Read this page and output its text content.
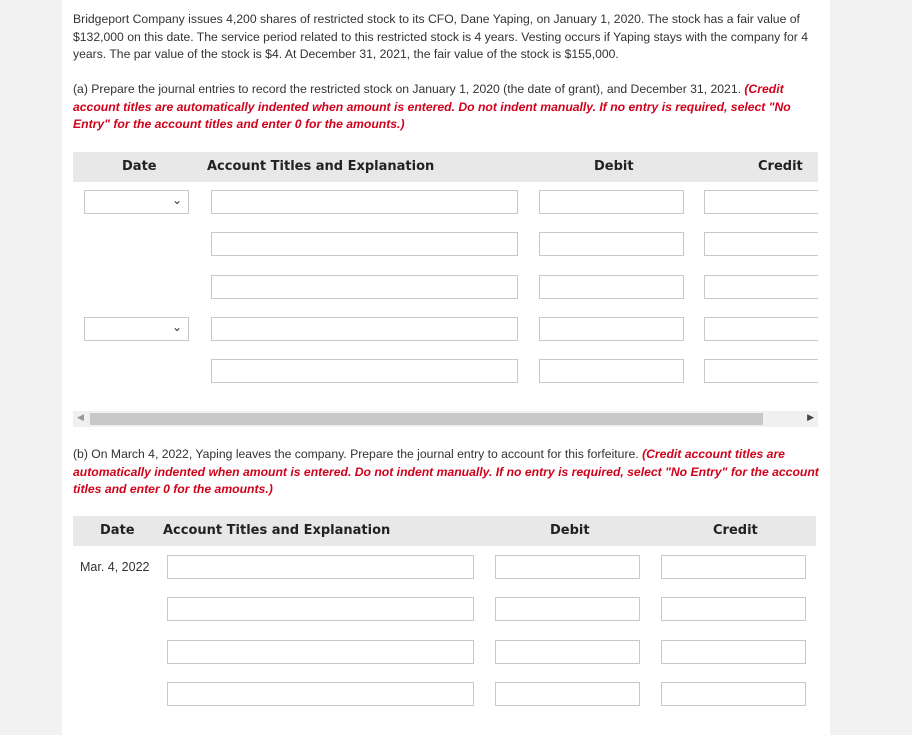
Bridgeport Company issues 4,200 shares of restricted stock to its CFO, Dane Yaping, on January 1, 2020. The stock has a fair value of $132,000 on this date. The service period related to this restricted stock is 4 years. Vesting occurs if Yaping stays with the company for 4 years. The par value of the stock is $4. At December 31, 2021, the fair value of the stock is $155,000.
(a) Prepare the journal entries to record the restricted stock on January 1, 2020 (the date of grant), and December 31, 2021. (Credit account titles are automatically indented when amount is entered. Do not indent manually. If no entry is required, select "No Entry" for the account titles and enter 0 for the amounts.)
Date	Account Titles and Explanation	Debit	Credit
⌄
⌄
◀	▶
(b) On March 4, 2022, Yaping leaves the company. Prepare the journal entry to account for this forfeiture. (Credit account titles are automatically indented when amount is entered. Do not indent manually. If no entry is required, select "No Entry" for the account titles and enter 0 for the amounts.)
Date Account Titles and Explanation	Debit	Credit
Mar. 4, 2022
